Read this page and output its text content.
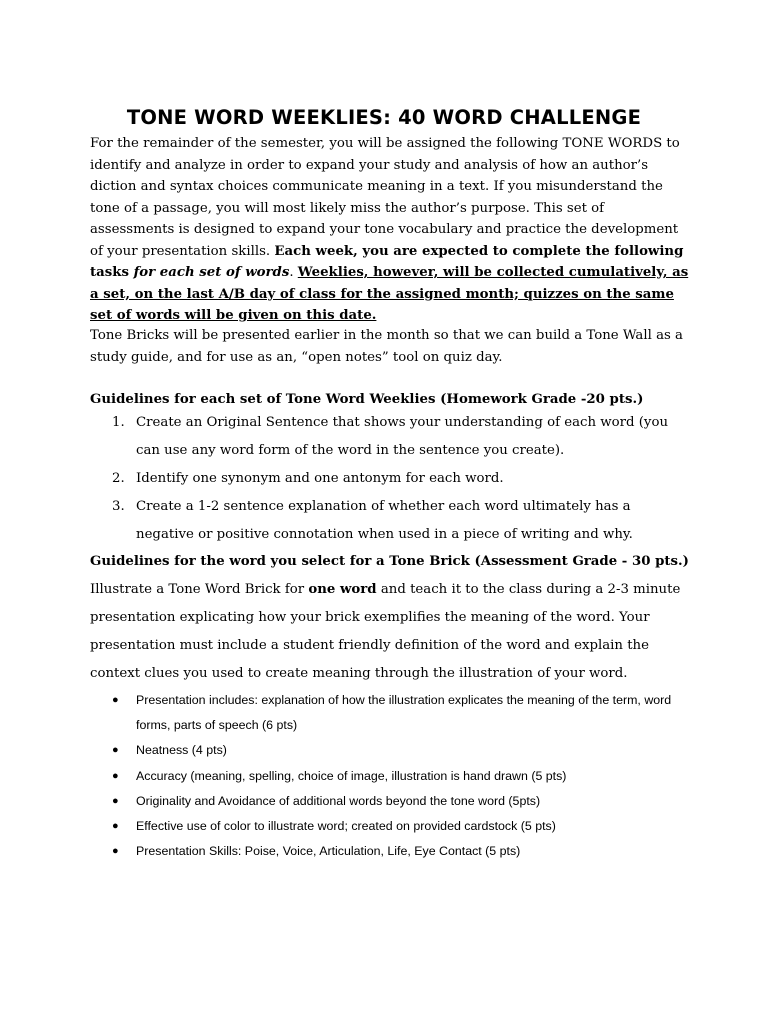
TONE WORD WEEKLIES: 40 WORD CHALLENGE

For the remainder of the semester, you will be assigned the following TONE WORDS to identify and analyze in order to expand your study and analysis of how an author’s diction and syntax choices communicate meaning in a text. If you misunderstand the tone of a passage, you will most likely miss the author’s purpose. This set of assessments is designed to expand your tone vocabulary and practice the development of your presentation skills. Each week, you are expected to complete the following tasks for each set of words. Weeklies, however, will be collected cumulatively, as a set, on the last A/B day of class for the assigned month; quizzes on the same set of words will be given on this date.

Tone Bricks will be presented earlier in the month so that we can build a Tone Wall as a study guide, and for use as an, “open notes” tool on quiz day.

Guidelines for each set of Tone Word Weeklies (Homework Grade -20 pts.)

1. Create an Original Sentence that shows your understanding of each word (you can use any word form of the word in the sentence you create).
2. Identify one synonym and one antonym for each word.
3. Create a 1-2 sentence explanation of whether each word ultimately has a negative or positive connotation when used in a piece of writing and why.

Guidelines for the word you select for a Tone Brick (Assessment Grade - 30 pts.)

Illustrate a Tone Word Brick for one word and teach it to the class during a 2-3 minute presentation explicating how your brick exemplifies the meaning of the word. Your presentation must include a student friendly definition of the word and explain the context clues you used to create meaning through the illustration of your word.

● Presentation includes: explanation of how the illustration explicates the meaning of the term, word forms, parts of speech (6 pts)
● Neatness (4 pts)
● Accuracy (meaning, spelling, choice of image, illustration is hand drawn (5 pts)
● Originality and Avoidance of additional words beyond the tone word (5pts)
● Effective use of color to illustrate word; created on provided cardstock (5 pts)
● Presentation Skills: Poise, Voice, Articulation, Life, Eye Contact (5 pts)
